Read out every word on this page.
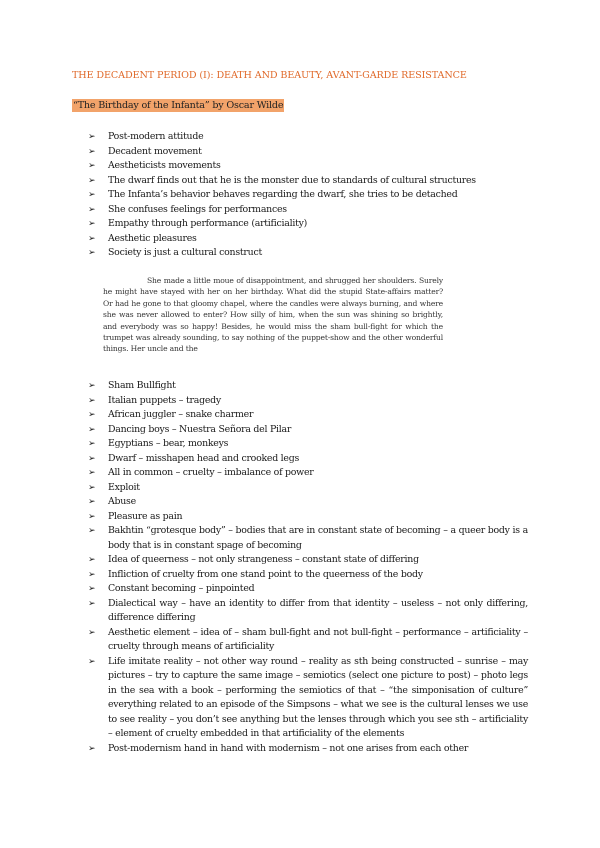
THE DECADENT PERIOD (I): DEATH AND BEAUTY, AVANT-GARDE RESISTANCE
“The Birthday of the Infanta” by Oscar Wilde
➢ Post-modern attitude
➢ Decadent movement
➢ Aestheticists movements
➢ The dwarf finds out that he is the monster due to standards of cultural structures
➢ The Infanta’s behavior behaves regarding the dwarf, she tries to be detached
➢ She confuses feelings for performances
➢ Empathy through performance (artificiality)
➢ Aesthetic pleasures
➢ Society is just a cultural construct
She made a little moue of disappointment, and shrugged her shoulders. Surely he might have stayed with her on her birthday. What did the stupid State-affairs matter? Or had he gone to that gloomy chapel, where the candles were always burning, and where she was never allowed to enter? How silly of him, when the sun was shining so brightly, and everybody was so happy! Besides, he would miss the sham bull-fight for which the trumpet was already sounding, to say nothing of the puppet-show and the other wonderful things. Her uncle and the
➢ Sham Bullfight
➢ Italian puppets – tragedy
➢ African juggler – snake charmer
➢ Dancing boys – Nuestra Señora del Pilar
➢ Egyptians – bear, monkeys
➢ Dwarf – misshapen head and crooked legs
➢ All in common – cruelty – imbalance of power
➢ Exploit
➢ Abuse
➢ Pleasure as pain
➢ Bakhtin “grotesque body” – bodies that are in constant state of becoming – a queer body is a body that is in constant spage of becoming
➢ Idea of queerness – not only strangeness – constant state of differing
➢ Infliction of cruelty from one stand point to the queerness of the body
➢ Constant becoming – pinpointed
➢ Dialectical way – have an identity to differ from that identity – useless – not only differing, difference differing
➢ Aesthetic element – idea of – sham bull-fight and not bull-fight – performance – artificiality – cruelty through means of artificiality
➢ Life imitate reality – not other way round – reality as sth being constructed – sunrise – may pictures – try to capture the same image – semiotics (select one picture to post) – photo legs in the sea with a book – performing the semiotics of that – “the simponisation of culture” everything related to an episode of the Simpsons – what we see is the cultural lenses we use to see reality – you don’t see anything but the lenses through which you see sth – artificiality – element of cruelty embedded in that artificiality of the elements
➢ Post-modernism hand in hand with modernism – not one arises from each other
